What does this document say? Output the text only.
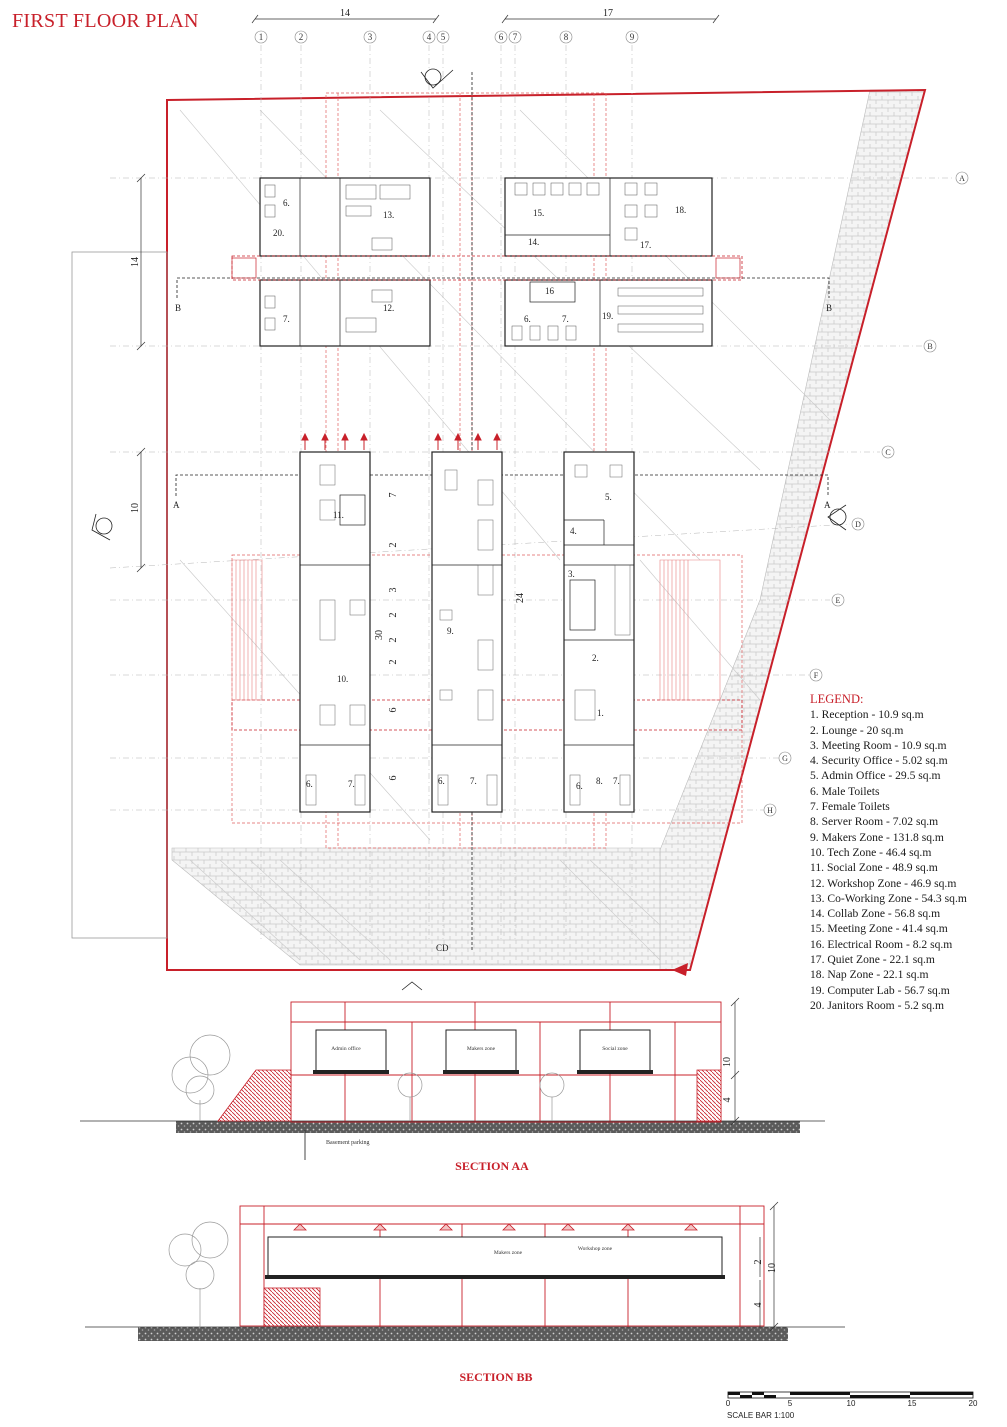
FIRST FLOOR PLAN
1	2	3	4 5	6 7	8	9
14	17
A
B
C
D
E
F
G
H
14
10
B	B
A	A
CD
7
2
3
2
2
2
6
6
30
24
6.
20.
13.
7.
12.
15.	18.
14.	17.
16
6.	7.	19.
11.
10.
6.	7.
9.
6.	7.
5.
4.
3.
2.
1.
6. 8. 7.
10
4
Admin office	Makers zone	Social zone
Basement parking
10
2
4
Makers zone
Workshop zone
SECTION AA
SECTION BB
0	5	10	15	20
SCALE BAR 1:100
LEGEND:
1. Reception - 10.9 sq.m
2. Lounge - 20 sq.m
3. Meeting Room - 10.9 sq.m
4. Security Office - 5.02 sq.m
5. Admin Office - 29.5 sq.m
6. Male Toilets
7. Female Toilets
8. Server Room - 7.02 sq.m
9. Makers Zone - 131.8 sq.m
10. Tech Zone - 46.4 sq.m
11. Social Zone - 48.9 sq.m
12. Workshop Zone - 46.9 sq.m
13. Co-Working Zone - 54.3 sq.m
14. Collab Zone - 56.8 sq.m
15. Meeting Zone - 41.4 sq.m
16. Electrical Room - 8.2 sq.m
17. Quiet Zone - 22.1 sq.m
18. Nap Zone - 22.1 sq.m
19. Computer Lab - 56.7 sq.m
20. Janitors Room - 5.2 sq.m
